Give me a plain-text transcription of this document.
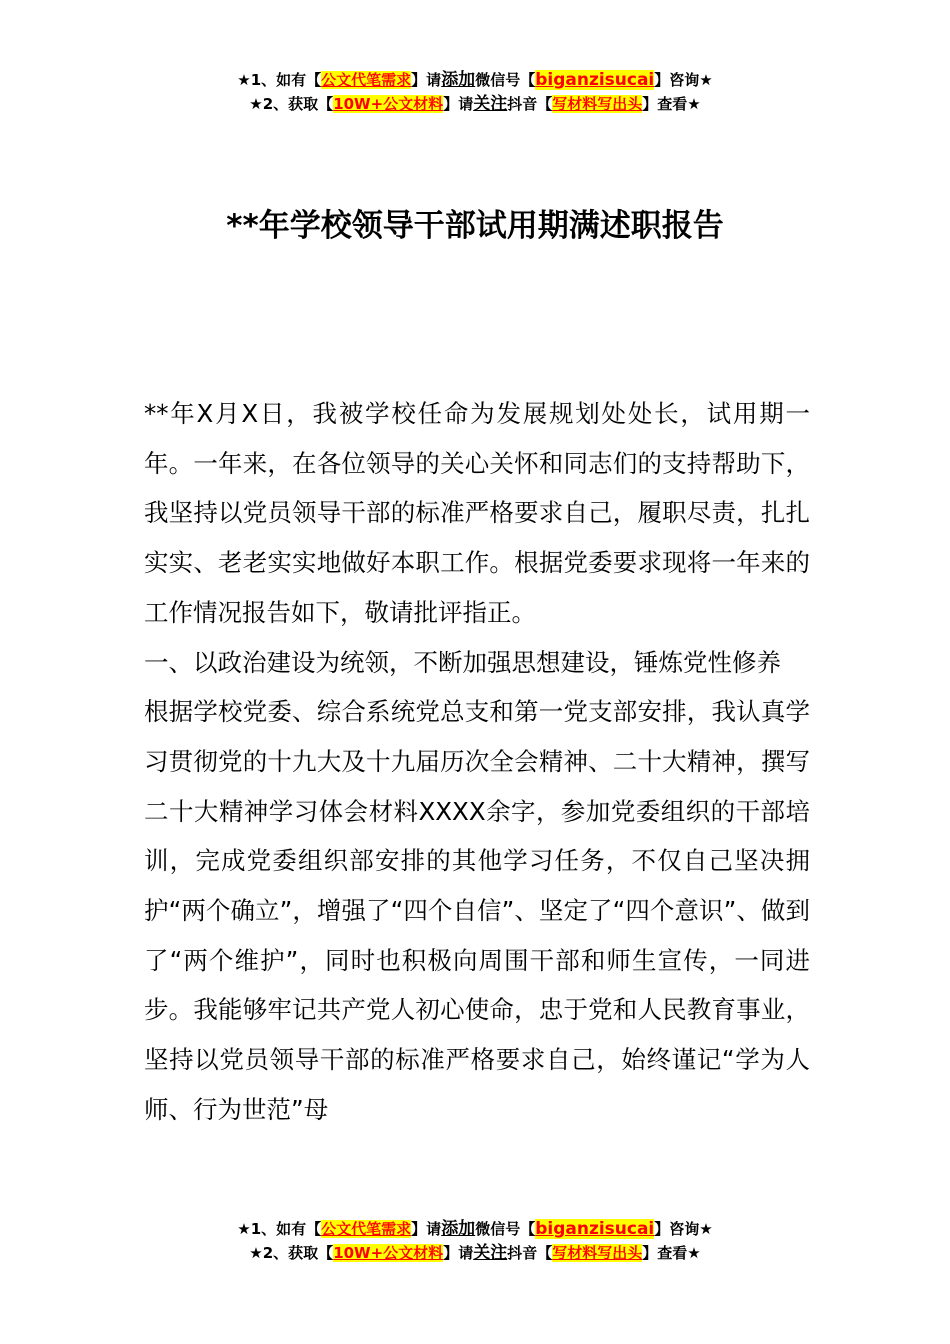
★1、如有【公文代笔需求】请添加微信号【biganzisucai】咨询★
★2、获取【10W+公文材料】请关注抖音【写材料写出头】查看★
**年学校领导干部试用期满述职报告

**年X月X日，我被学校任命为发展规划处处长，试用期一年。一年来，在各位领导的关心关怀和同志们的支持帮助下，我坚持以党员领导干部的标准严格要求自己，履职尽责，扎扎实实、老老实实地做好本职工作。根据党委要求现将一年来的工作情况报告如下，敬请批评指正。

一、以政治建设为统领，不断加强思想建设，锤炼党性修养

根据学校党委、综合系统党总支和第一党支部安排，我认真学习贯彻党的十九大及十九届历次全会精神、二十大精神，撰写二十大精神学习体会材料XXXX余字，参加党委组织的干部培训，完成党委组织部安排的其他学习任务，不仅自己坚决拥护“两个确立”，增强了“四个自信”、坚定了“四个意识”、做到了“两个维护”，同时也积极向周围干部和师生宣传，一同进步。我能够牢记共产党人初心使命，忠于党和人民教育事业，坚持以党员领导干部的标准严格要求自己，始终谨记“学为人师、行为世范”母

★1、如有【公文代笔需求】请添加微信号【biganzisucai】咨询★
★2、获取【10W+公文材料】请关注抖音【写材料写出头】查看★
